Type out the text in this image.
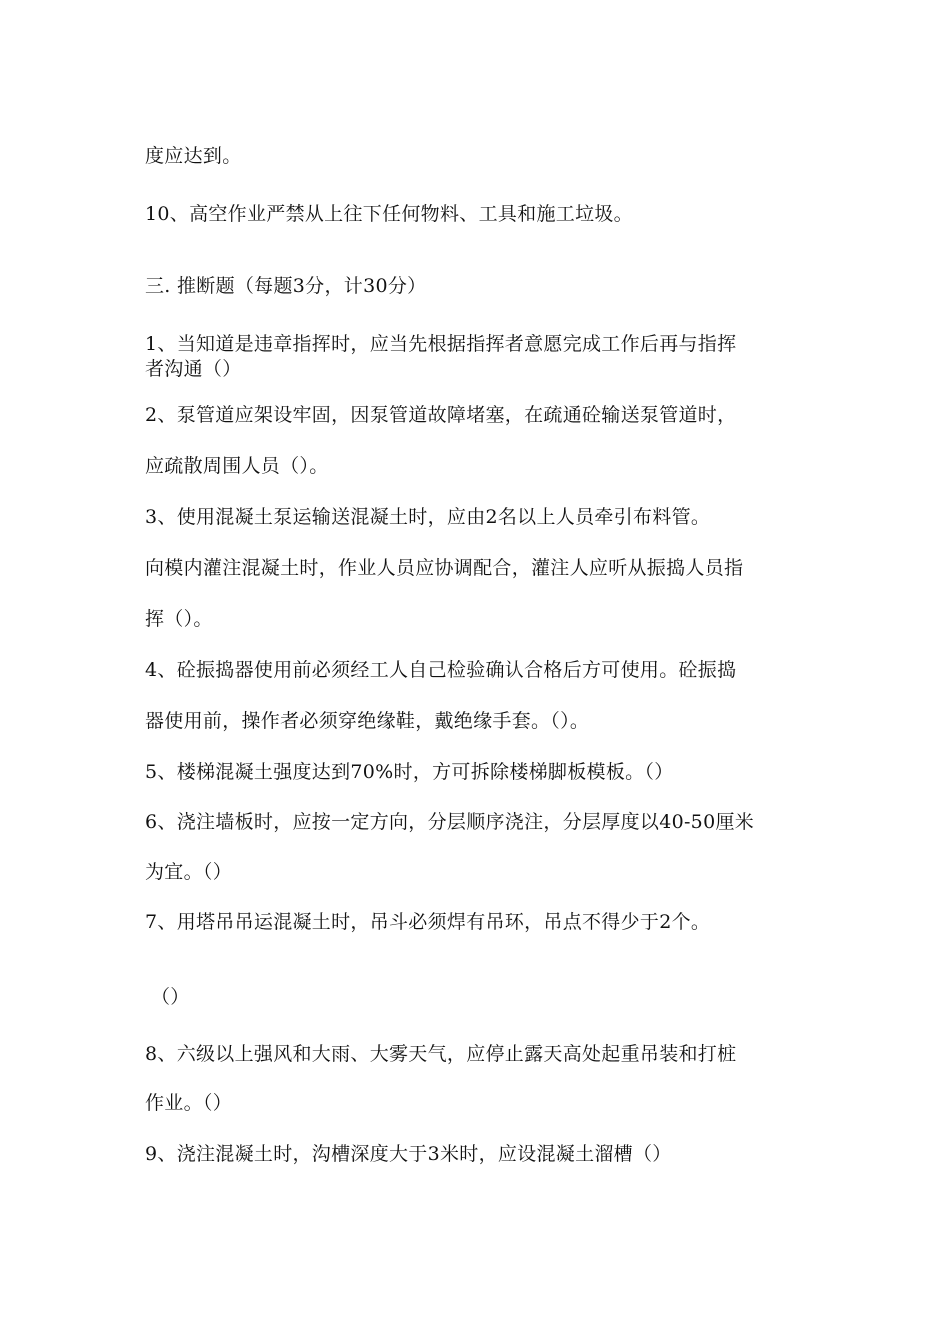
度应达到。
10、高空作业严禁从上往下任何物料、工具和施工垃圾。
三. 推断题（每题3分，计30分）
1、当知道是违章指挥时，应当先根据指挥者意愿完成工作后再与指挥
者沟通（）
2、泵管道应架设牢固，因泵管道故障堵塞，在疏通砼输送泵管道时，
应疏散周围人员（）。
3、使用混凝土泵运输送混凝土时，应由2名以上人员牵引布料管。
向模内灌注混凝土时，作业人员应协调配合，灌注人应听从振捣人员指
挥（）。
4、砼振捣器使用前必须经工人自己检验确认合格后方可使用。砼振捣
器使用前，操作者必须穿绝缘鞋，戴绝缘手套。（）。
5、楼梯混凝土强度达到70%时，方可拆除楼梯脚板模板。（）
6、浇注墙板时，应按一定方向，分层顺序浇注，分层厚度以40-50厘米
为宜。（）
7、用塔吊吊运混凝土时，吊斗必须焊有吊环，吊点不得少于2个。
（）
8、六级以上强风和大雨、大雾天气，应停止露天高处起重吊装和打桩
作业。（）
9、浇注混凝土时，沟槽深度大于3米时，应设混凝土溜槽（）
